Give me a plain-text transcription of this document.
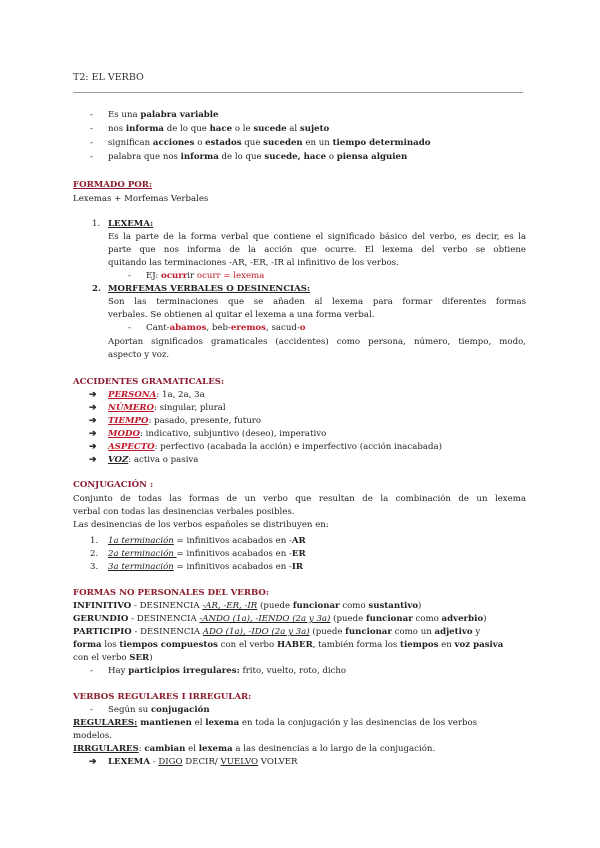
T2: EL VERBO
- Es una palabra variable
- nos informa de lo que hace o le sucede al sujeto
- significan acciones o estados que suceden en un tiempo determinado
- palabra que nos informa de lo que sucede, hace o piensa alguien
FORMADO POR:
Lexemas + Morfemas Verbales
1. LEXEMA:
Es la parte de la forma verbal que contiene el significado básico del verbo, es decir, es la
parte que nos informa de la acción que ocurre. El lexema del verbo se obtiene
quitando las terminaciones -AR, -ER, -IR al infinitivo de los verbos.
- EJ: ocurrir ocurr = lexema
2. MORFEMAS VERBALES O DESINENCIAS:
Son las terminaciones que se añaden al lexema para formar diferentes formas
verbales. Se obtienen al quitar el lexema a una forma verbal.
- Cant-abamos, beb-eremos, sacud-o
Aportan significados gramaticales (accidentes) como persona, número, tiempo, modo,
aspecto y voz.
ACCIDENTES GRAMATICALES:
➔ PERSONA: 1a, 2a, 3a
➔ NÚMERO: singular, plural
➔ TIEMPO: pasado, presente, futuro
➔ MODO: indicativo, subjuntivo (deseo), imperativo
➔ ASPECTO: perfectivo (acabada la acción) e imperfectivo (acción inacabada)
➔ VOZ: activa o pasiva
CONJUGACIÓN :
Conjunto de todas las formas de un verbo que resultan de la combinación de un lexema
verbal con todas las desinencias verbales posibles.
Las desinencias de los verbos españoles se distribuyen en:
1. 1a terminación = infinitivos acabados en -AR
2. 2a terminación = infinitivos acabados en -ER
3. 3a terminación = infinitivos acabados en -IR
FORMAS NO PERSONALES DEL VERBO:
INFINITIVO - DESINENCIA -AR, -ER, -IR (puede funcionar como sustantivo)
GERUNDIO - DESINENCIA -ANDO (1a), -IENDO (2a y 3a) (puede funcionar como adverbio)
PARTICIPIO - DESINENCIA ADO (1a), -IDO (2a y 3a) (puede funcionar como un adjetivo y
forma los tiempos compuestos con el verbo HABER, también forma los tiempos en voz pasiva
con el verbo SER)
- Hay participios irregulares: frito, vuelto, roto, dicho
VERBOS REGULARES I IRREGULAR:
- Según su conjugación
REGULARES: mantienen el lexema en toda la conjugación y las desinencias de los verbos
modelos.
IRRGULARES: cambian el lexema a las desinencias a lo largo de la conjugación.
➔ LEXEMA - DIGO DECIR/ VUELVO VOLVER
